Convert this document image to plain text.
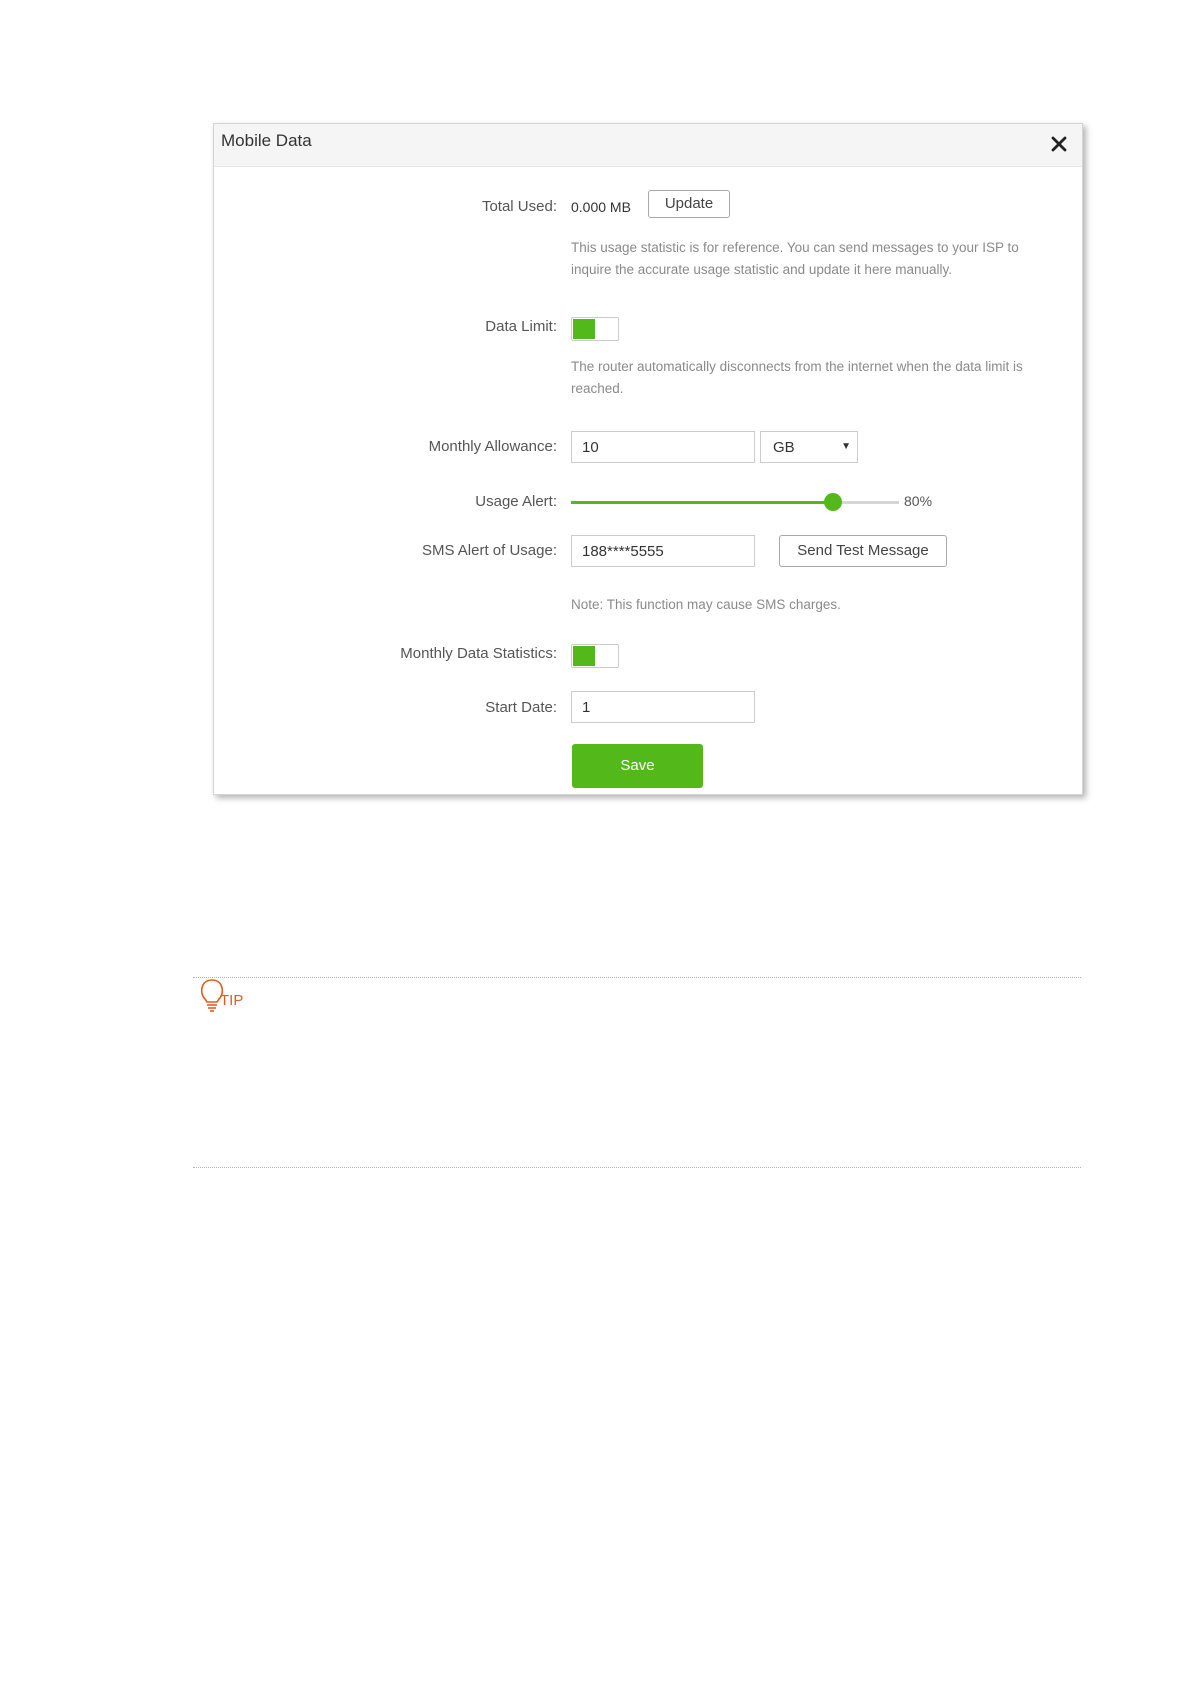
Mobile Data
Total Used: 0.000 MB	Update
This usage statistic is for reference. You can send messages to your ISP to inquire the accurate usage statistic and update it here manually.
Data Limit:
The router automatically disconnects from the internet when the data limit is reached.
Monthly Allowance:	10	GB	▼
Usage Alert:	80%
SMS Alert of Usage:	188****5555	Send Test Message
Note: This function may cause SMS charges.
Monthly Data Statistics:
Start Date:	1
Save
TIP
